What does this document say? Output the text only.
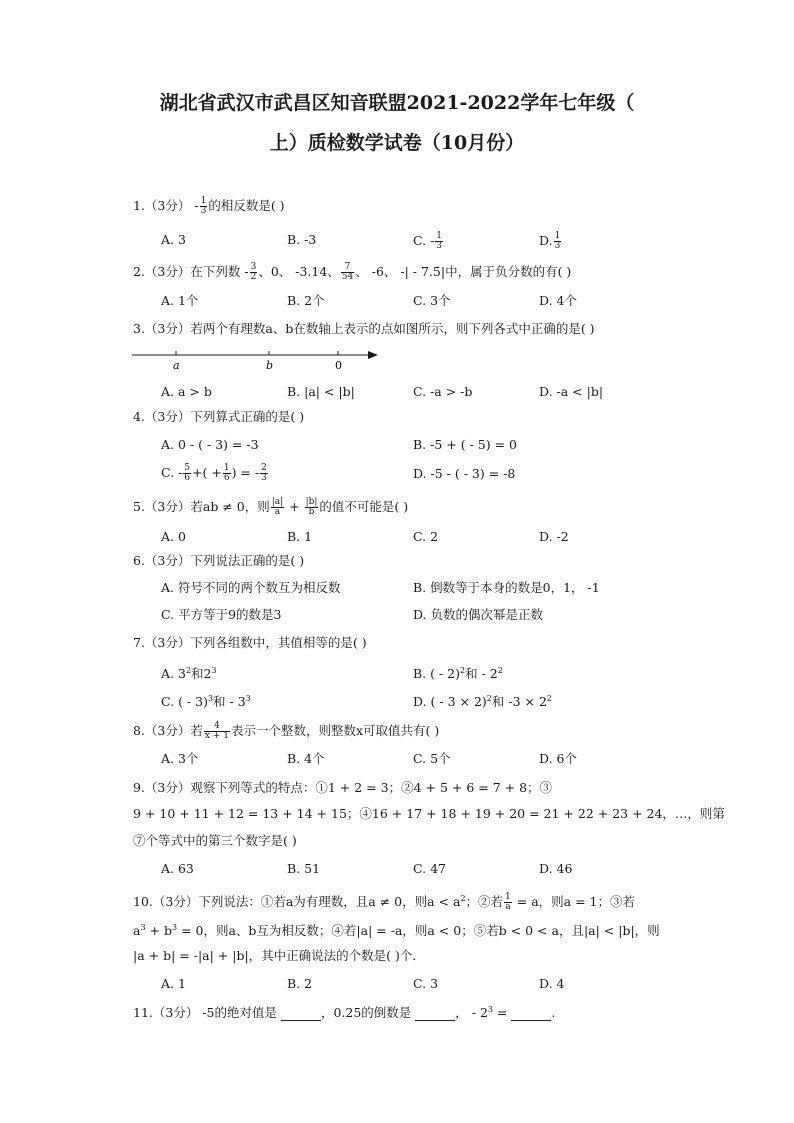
湖北省武汉市武昌区知音联盟2021-2022学年七年级（
上）质检数学试卷（10月份）
1.（3分） - $\frac{1}{3}$ 的相反数是( )
A. 3	B. -3	C. - $\frac{1}{3}$	D. $\frac{1}{3}$
2.（3分）在下列数 - $\frac{3}{2}$ 、0、 -3.14、 $\frac{7}{54}$ 、 -6、 -| - 7.5|中，属于负分数的有( )
A. 1个	B. 2个	C. 3个	D. 4个
3.（3分）若两个有理数a、b在数轴上表示的点如图所示，则下列各式中正确的是( )
a	b	0
A. a > b	B. |a| < |b|	C. -a > -b	D. -a < |b|
4.（3分）下列算式正确的是( )
A. 0 - ( - 3) = -3	B. -5 + ( - 5) = 0
C. - $\frac{5}{6}$ +( + $\frac{1}{6}$ ) = - $\frac{2}{3}$	D. -5 - ( - 3) = -8
5.（3分）若ab ≠ 0，则 $\frac{|a|}{a} + \frac{|b|}{b}$ 的值不可能是( )
A. 0	B. 1	C. 2	D. -2
6.（3分）下列说法正确的是( )
A. 符号不同的两个数互为相反数	B. 倒数等于本身的数是0，1， -1
C. 平方等于9的数是3	D. 负数的偶次幂是正数
7.（3分）下列各组数中，其值相等的是( )
A. $3^2$和$2^3$	B. ( - 2)$^2$和 - $2^2$
C. ( - 3)$^3$和 - $3^3$	D. ( - 3 × 2)$^2$和 $-3 \times 2^2$
8.（3分）若 $\frac{4}{x + 1}$ 表示一个整数，则整数x可取值共有( )
A. 3个	B. 4个	C. 5个	D. 6个
9.（3分）观察下列等式的特点：①1 + 2 = 3；②4 + 5 + 6 = 7 + 8；③
9 + 10 + 11 + 12 = 13 + 14 + 15；④16 + 17 + 18 + 19 + 20 = 21 + 22 + 23 + 24，…，则第
⑦个等式中的第三个数字是( )
A. 63	B. 51	C. 47	D. 46
10.（3分）下列说法：①若a为有理数，且a ≠ 0，则$a < a^2$；②若 $\frac{1}{a} = a$，则a = 1；③若
$a^3 + b^3 = 0$，则a、b互为相反数；④若|a| = -a，则a < 0；⑤若b < 0 < a，且|a| < |b|，则
|a + b| = -|a| + |b|，其中正确说法的个数是( )个．
A. 1	B. 2	C. 3	D. 4
11.（3分） -5的绝对值是	，0.25的倒数是	， - $2^3$ =	.
